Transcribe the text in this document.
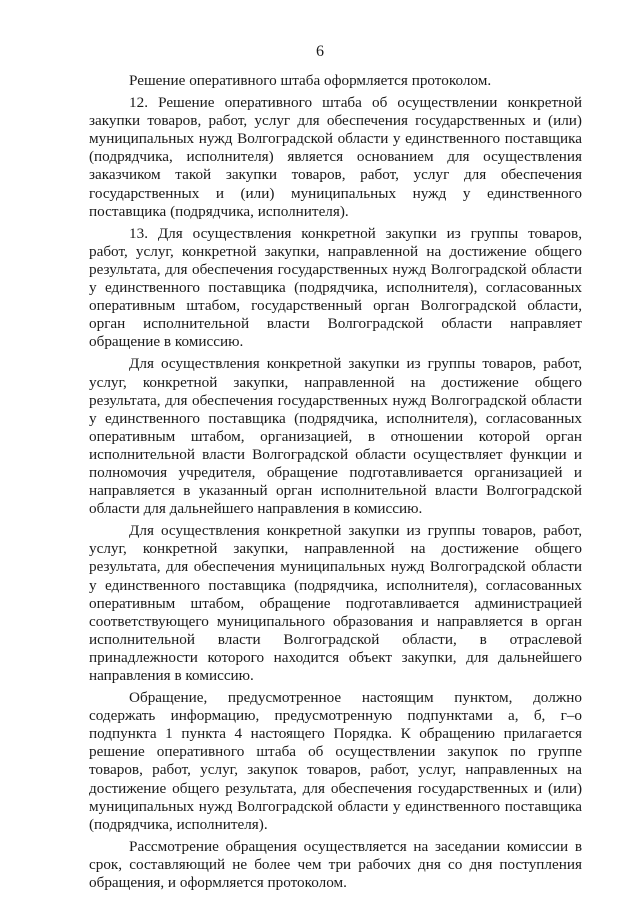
6

Решение оперативного штаба оформляется протоколом.

12. Решение оперативного штаба об осуществлении конкретной закупки товаров, работ, услуг для обеспечения государственных и (или) муниципальных нужд Волгоградской области у единственного поставщика (подрядчика, исполнителя) является основанием для осуществления заказчиком такой закупки товаров, работ, услуг для обеспечения государственных и (или) муниципальных нужд у единственного поставщика (подрядчика, исполнителя).

13. Для осуществления конкретной закупки из группы товаров, работ, услуг, конкретной закупки, направленной на достижение общего результата, для обеспечения государственных нужд Волгоградской области у единственного поставщика (подрядчика, исполнителя), согласованных оперативным штабом, государственный орган Волгоградской области, орган исполнительной власти Волгоградской области направляет обращение в комиссию.

Для осуществления конкретной закупки из группы товаров, работ, услуг, конкретной закупки, направленной на достижение общего результата, для обеспечения государственных нужд Волгоградской области у единственного поставщика (подрядчика, исполнителя), согласованных оперативным штабом, организацией, в отношении которой орган исполнительной власти Волгоградской области осуществляет функции и полномочия учредителя, обращение подготавливается организацией и направляется в указанный орган исполнительной власти Волгоградской области для дальнейшего направления в комиссию.

Для осуществления конкретной закупки из группы товаров, работ, услуг, конкретной закупки, направленной на достижение общего результата, для обеспечения муниципальных нужд Волгоградской области у единственного поставщика (подрядчика, исполнителя), согласованных оперативным штабом, обращение подготавливается администрацией соответствующего муниципального образования и направляется в орган исполнительной власти Волгоградской области, в отраслевой принадлежности которого находится объект закупки, для дальнейшего направления в комиссию.

Обращение, предусмотренное настоящим пунктом, должно содержать информацию, предусмотренную подпунктами а, б, г–о подпункта 1 пункта 4 настоящего Порядка. К обращению прилагается решение оперативного штаба об осуществлении закупок по группе товаров, работ, услуг, закупок товаров, работ, услуг, направленных на достижение общего результата, для обеспечения государственных и (или) муниципальных нужд Волгоградской области у единственного поставщика (подрядчика, исполнителя).

Рассмотрение обращения осуществляется на заседании комиссии в срок, составляющий не более чем три рабочих дня со дня поступления обращения, и оформляется протоколом.
